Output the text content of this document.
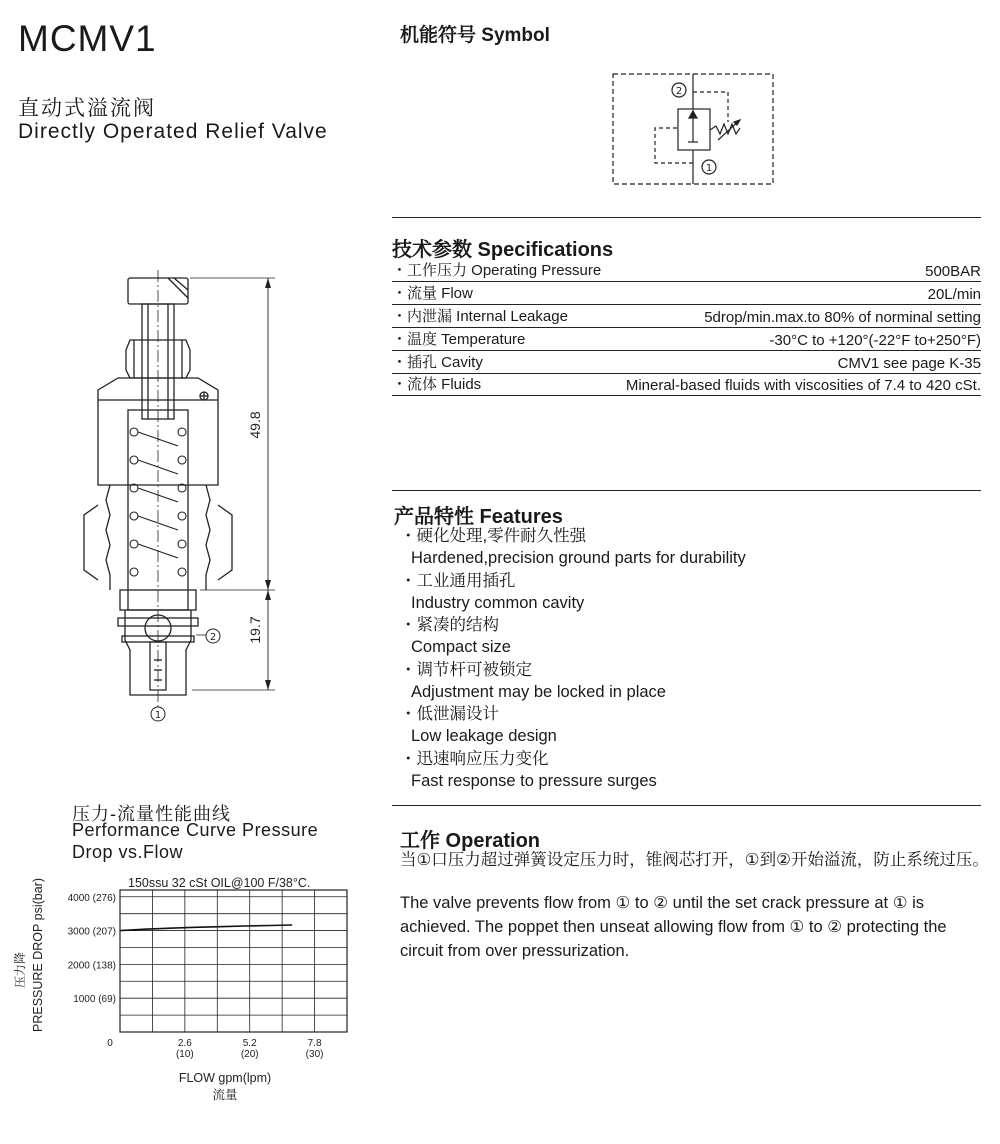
MCMV1
直动式溢流阀
Directly Operated Relief Valve
机能符号 Symbol
2
1
49.8
19.7
2
1
技术参数 Specifications
・工作压力 Operating Pressure	500BAR
・流量 Flow	20L/min
・内泄漏 Internal Leakage	5drop/min.max.to 80% of norminal setting
・温度 Temperature	-30°C to +120°(-22°F to+250°F)
・插孔 Cavity	CMV1 see page K-35
・流体 Fluids	Mineral-based fluids with viscosities of 7.4 to 420 cSt.
产品特性 Features
・硬化处理,零件耐久性强
Hardened,precision ground parts for durability
・工业通用插孔
Industry common cavity
・紧凑的结构
Compact size
・调节杆可被锁定
Adjustment may be locked in place
・低泄漏设计
Low leakage design
・迅速响应压力变化
Fast response to pressure surges
工作 Operation
当①口压力超过弹簧设定压力时，锥阀芯打开，①到②开始溢流，防止系统过压。
The valve prevents flow from ① to ② until the set crack pressure at ① is achieved. The poppet then unseat allowing flow from ① to ② protecting the circuit from over pressurization.
压力-流量性能曲线
Performance Curve Pressure
Drop vs.Flow
1000 (69)
2000 (138)
3000 (207)
4000 (276)
0	2.6
(10)
5.2
(20)
7.8
(30)
150ssu 32 cSt OIL@100 F/38°C.
FLOW gpm(lpm)
流量
PRESSURE DROP psi(bar)
压力降
